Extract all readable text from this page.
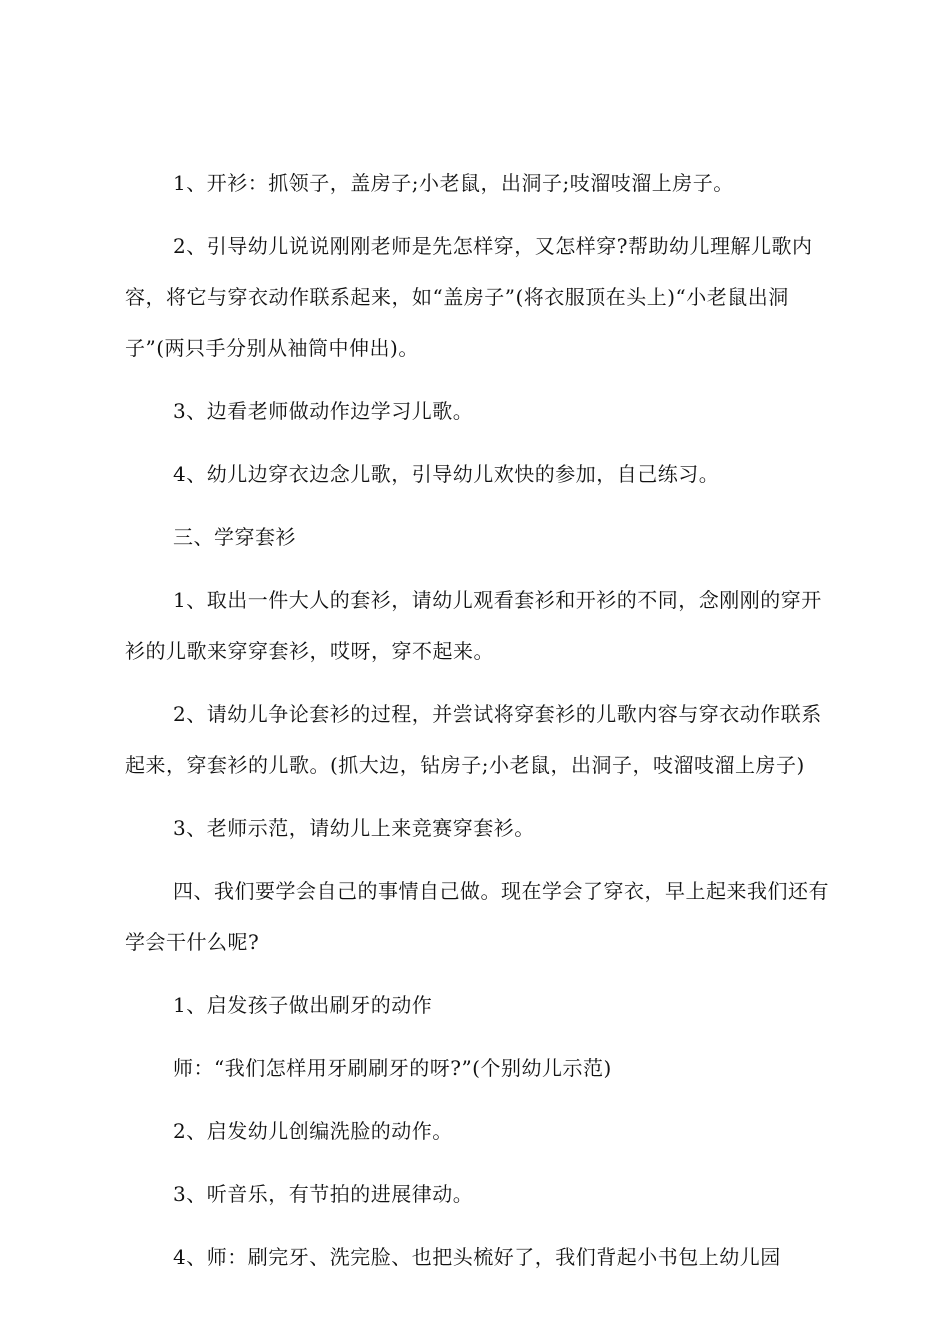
1、开衫：抓领子，盖房子;小老鼠，出洞子;吱溜吱溜上房子。

2、引导幼儿说说刚刚老师是先怎样穿，又怎样穿?帮助幼儿理解儿歌内容，将它与穿衣动作联系起来，如“盖房子”(将衣服顶在头上)“小老鼠出洞子”(两只手分别从袖筒中伸出)。

3、边看老师做动作边学习儿歌。

4、幼儿边穿衣边念儿歌，引导幼儿欢快的参加，自己练习。

三、学穿套衫

1、取出一件大人的套衫，请幼儿观看套衫和开衫的不同，念刚刚的穿开衫的儿歌来穿穿套衫，哎呀，穿不起来。

2、请幼儿争论套衫的过程，并尝试将穿套衫的儿歌内容与穿衣动作联系起来，穿套衫的儿歌。(抓大边，钻房子;小老鼠，出洞子，吱溜吱溜上房子)

3、老师示范，请幼儿上来竞赛穿套衫。

四、我们要学会自己的事情自己做。现在学会了穿衣，早上起来我们还有学会干什么呢?

1、启发孩子做出刷牙的动作

师：“我们怎样用牙刷刷牙的呀?”(个别幼儿示范)

2、启发幼儿创编洗脸的动作。

3、听音乐，有节拍的进展律动。

4、师：刷完牙、洗完脸、也把头梳好了，我们背起小书包上幼儿园
